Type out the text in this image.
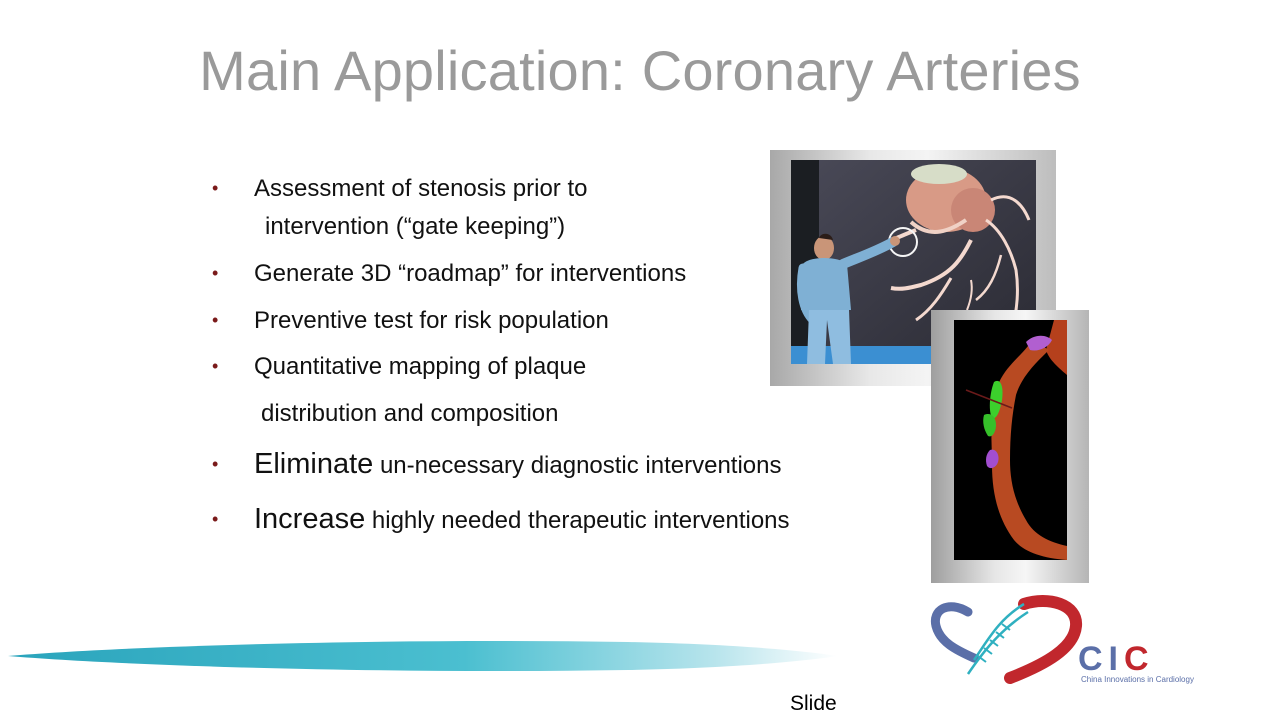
Main Application: Coronary Arteries
•	Assessment of stenosis prior to
intervention (“gate keeping”)
•	Generate 3D “roadmap” for interventions
•	Preventive test for risk population
•	Quantitative mapping of plaque
distribution and composition
•	Eliminate un-necessary diagnostic interventions
•	Increase highly needed therapeutic interventions
Slide
CIC
China Innovations in Cardiology
